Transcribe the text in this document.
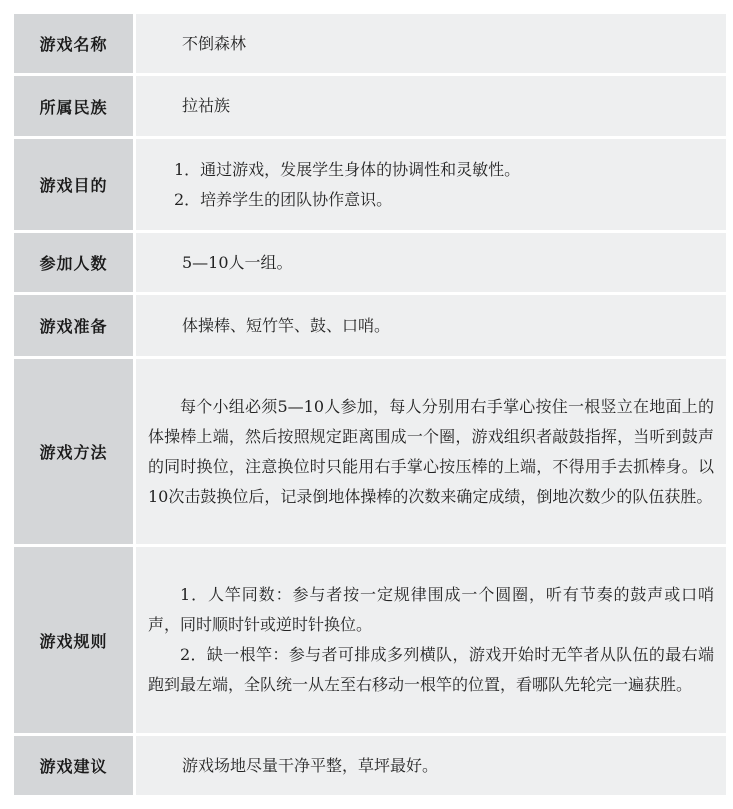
游戏名称	不倒森林

所属民族	拉祜族

游戏目的	1．通过游戏，发展学生身体的协调性和灵敏性。
2．培养学生的团队协作意识。

参加人数	5—10人一组。

游戏准备	体操棒、短竹竿、鼓、口哨。

游戏方法	每个小组必须5—10人参加，每人分别用右手掌心按住一根竖立在地面上的体操棒上端，然后按照规定距离围成一个圈，游戏组织者敲鼓指挥，当听到鼓声的同时换位，注意换位时只能用右手掌心按压棒的上端，不得用手去抓棒身。以10次击鼓换位后，记录倒地体操棒的次数来确定成绩，倒地次数少的队伍获胜。

游戏规则	1．人竿同数：参与者按一定规律围成一个圆圈，听有节奏的鼓声或口哨声，同时顺时针或逆时针换位。
2．缺一根竿：参与者可排成多列横队，游戏开始时无竿者从队伍的最右端跑到最左端，全队统一从左至右移动一根竿的位置，看哪队先轮完一遍获胜。

游戏建议	游戏场地尽量干净平整，草坪最好。
